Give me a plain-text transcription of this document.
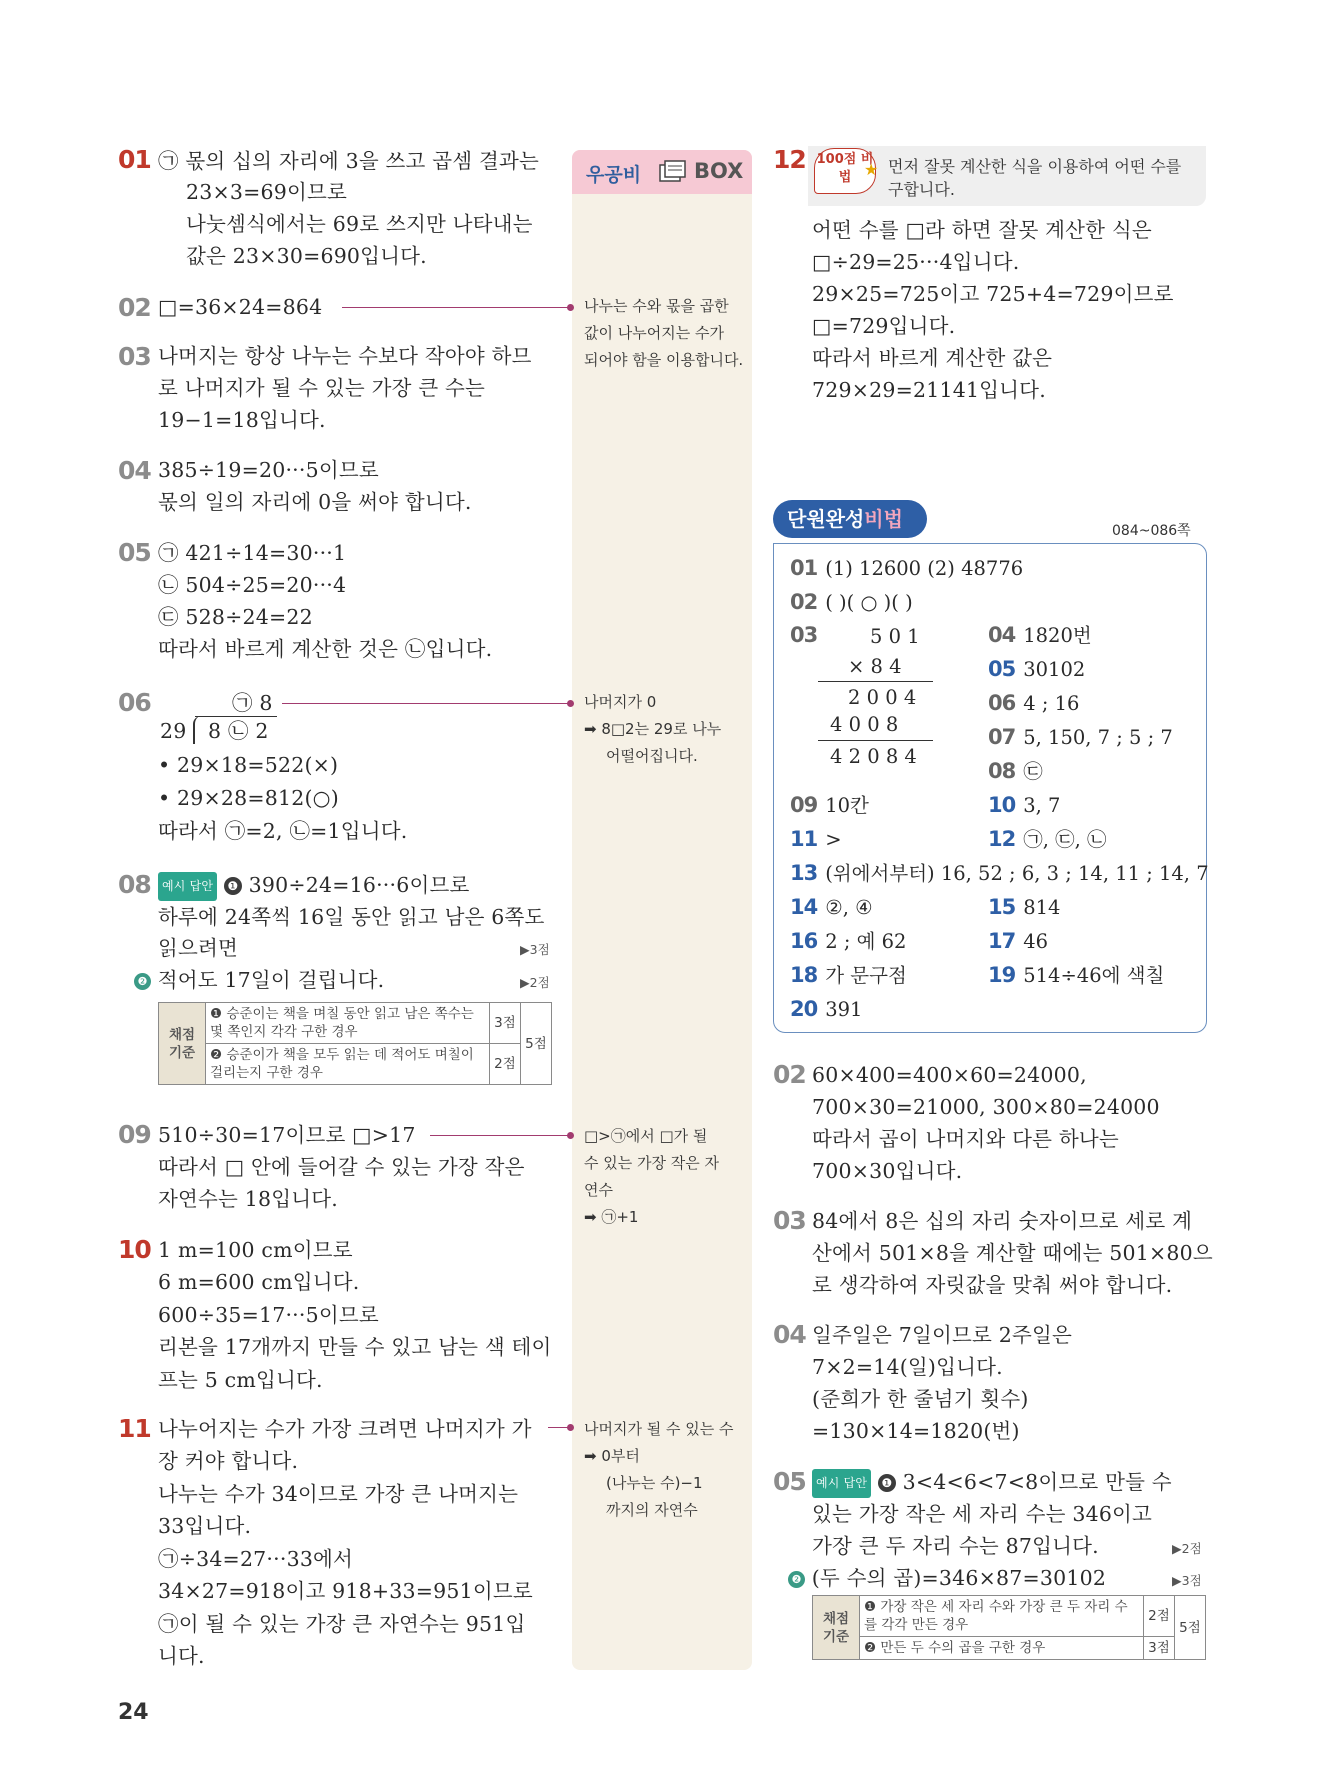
우공비	BOX
나누는 수와 몫을 곱한
값이 나누어지는 수가
되어야 함을 이용합니다.
나머지가 0
➡ 8□2는 29로 나누
어떨어집니다.
□>㉠에서 □가 될
수 있는 가장 작은 자
연수
➡ ㉠+1
나머지가 될 수 있는 수
➡ 0부터
(나누는 수)−1
까지의 자연수
01 ㉠ 몫의 십의 자리에 3을 쓰고 곱셈 결과는
23×3=69이므로
나눗셈식에서는 69로 쓰지만 나타내는
값은 23×30=690입니다.
02 □=36×24=864
03 나머지는 항상 나누는 수보다 작아야 하므
로 나머지가 될 수 있는 가장 큰 수는
19−1=18입니다.
04 385÷19=20···5이므로
몫의 일의 자리에 0을 써야 합니다.
05 ㉠ 421÷14=30···1
㉡ 504÷25=20···4
㉢ 528÷24=22
따라서 바르게 계산한 것은 ㉡입니다.
06	㉠ 8
29 8 ㉡ 2
• 29×18=522(×)
• 29×28=812(○)
따라서 ㉠=2, ㉡=1입니다.
08 예시 답안 ❶ 390÷24=16···6이므로
하루에 24쪽씩 16일 동안 읽고 남은 6쪽도
읽으려면	▶3점
❷ 적어도 17일이 걸립니다.	▶2점
채점 기준	❶ 승준이는 책을 며칠 동안 읽고 남은 쪽수는 몇 쪽인지 각각 구한 경우	3점	5점
	❷ 승준이가 책을 모두 읽는 데 적어도 며칠이 걸리는지 구한 경우	2점	
09 510÷30=17이므로 □>17
따라서 □ 안에 들어갈 수 있는 가장 작은
자연수는 18입니다.
10 1 m=100 cm이므로
6 m=600 cm입니다.
600÷35=17···5이므로
리본을 17개까지 만들 수 있고 남는 색 테이
프는 5 cm입니다.
11 나누어지는 수가 가장 크려면 나머지가 가
장 커야 합니다.
나누는 수가 34이므로 가장 큰 나머지는
33입니다.
㉠÷34=27···33에서
34×27=918이고 918+33=951이므로
㉠이 될 수 있는 가장 큰 자연수는 951입
니다.
24
12 100점 비법 ★ 먼저 잘못 계산한 식을 이용하여 어떤 수를
구합니다.
어떤 수를 □라 하면 잘못 계산한 식은
□÷29=25···4입니다.
29×25=725이고 725+4=729이므로
□=729입니다.
따라서 바르게 계산한 값은
729×29=21141입니다.
단원완성비법	084~086쪽
01 (1) 12600 (2) 48776
02 ( )( ○ )( )
03	5 0 1
× 8 4
2 0 0 4
4 0 0 8
4 2 0 8 4
04 1820번
05 30102
06 4 ; 16
07 5, 150, 7 ; 5 ; 7
08 ㉢
09 10칸	10 3, 7
11 >	12 ㉠, ㉢, ㉡
13 (위에서부터) 16, 52 ; 6, 3 ; 14, 11 ; 14, 7
14 ②, ④	15 814
16 2 ; 예 62	17 46
18 가 문구점	19 514÷46에 색칠
20 391
02 60×400=400×60=24000,
700×30=21000, 300×80=24000
따라서 곱이 나머지와 다른 하나는
700×30입니다.
03 84에서 8은 십의 자리 숫자이므로 세로 계
산에서 501×8을 계산할 때에는 501×80으
로 생각하여 자릿값을 맞춰 써야 합니다.
04 일주일은 7일이므로 2주일은
7×2=14(일)입니다.
(준희가 한 줄넘기 횟수)
=130×14=1820(번)
05 예시 답안 ❶ 3<4<6<7<8이므로 만들 수
있는 가장 작은 세 자리 수는 346이고
가장 큰 두 자리 수는 87입니다.	▶2점
❷ (두 수의 곱)=346×87=30102	▶3점
채점 기준	❶ 가장 작은 세 자리 수와 가장 큰 두 자리 수를 각각 만든 경우	2점	5점
	❷ 만든 두 수의 곱을 구한 경우	3점	
